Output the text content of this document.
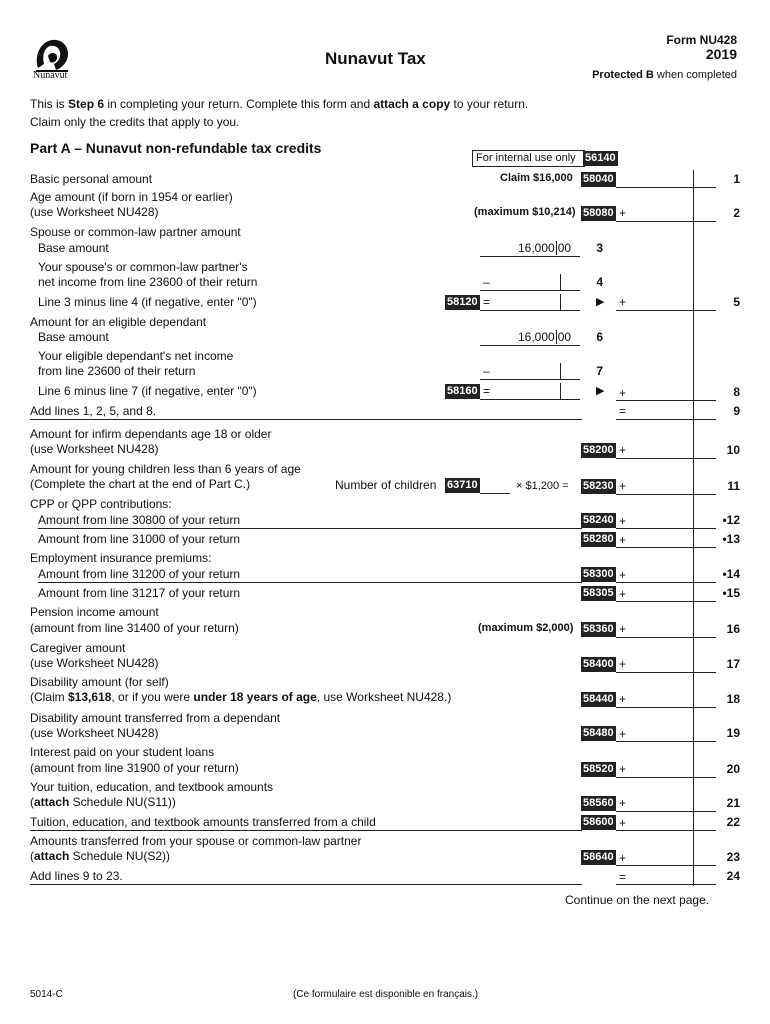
Nunavut
Nunavut Tax
Form NU428
2019
Protected B when completed
This is Step 6 in completing your return. Complete this form and attach a copy to your return.
Claim only the credits that apply to you.
Part A – Nunavut non-refundable tax credits
For internal use only 56140
Basic personal amount	Claim $16,000 58040	1
Age amount (if born in 1954 or earlier)
(use Worksheet NU428)	(maximum $10,214) 58080 +	2
Spouse or common-law partner amount
Base amount	16,000 00	3
Your spouse's or common-law partner's
net income from line 23600 of their return	–	4
Line 3 minus line 4 (if negative, enter "0")	58120 =	▶ +	5
Amount for an eligible dependant
Base amount	16,000 00	6
Your eligible dependant's net income
from line 23600 of their return	–	7
Line 6 minus line 7 (if negative, enter "0")	58160 =	▶ +	8
Add lines 1, 2, 5, and 8.	=	9
Amount for infirm dependants age 18 or older
(use Worksheet NU428)	58200 +	10
Amount for young children less than 6 years of age
(Complete the chart at the end of Part C.)	Number of children 63710	× $1,200 = 58230 +	11
CPP or QPP contributions:
Amount from line 30800 of your return	58240 +	•12
Amount from line 31000 of your return	58280 +	•13
Employment insurance premiums:
Amount from line 31200 of your return	58300 +	•14
Amount from line 31217 of your return	58305 +	•15
Pension income amount
(amount from line 31400 of your return)	(maximum $2,000) 58360 +	16
Caregiver amount
(use Worksheet NU428)	58400 +	17
Disability amount (for self)
(Claim $13,618, or if you were under 18 years of age, use Worksheet NU428.)	58440 +	18
Disability amount transferred from a dependant
(use Worksheet NU428)	58480 +	19
Interest paid on your student loans
(amount from line 31900 of your return)	58520 +	20
Your tuition, education, and textbook amounts
(attach Schedule NU(S11))	58560 +	21
Tuition, education, and textbook amounts transferred from a child	58600 +	22
Amounts transferred from your spouse or common-law partner
(attach Schedule NU(S2))	58640 +	23
Add lines 9 to 23.	=	24
Continue on the next page.
5014-C	(Ce formulaire est disponible en français.)
